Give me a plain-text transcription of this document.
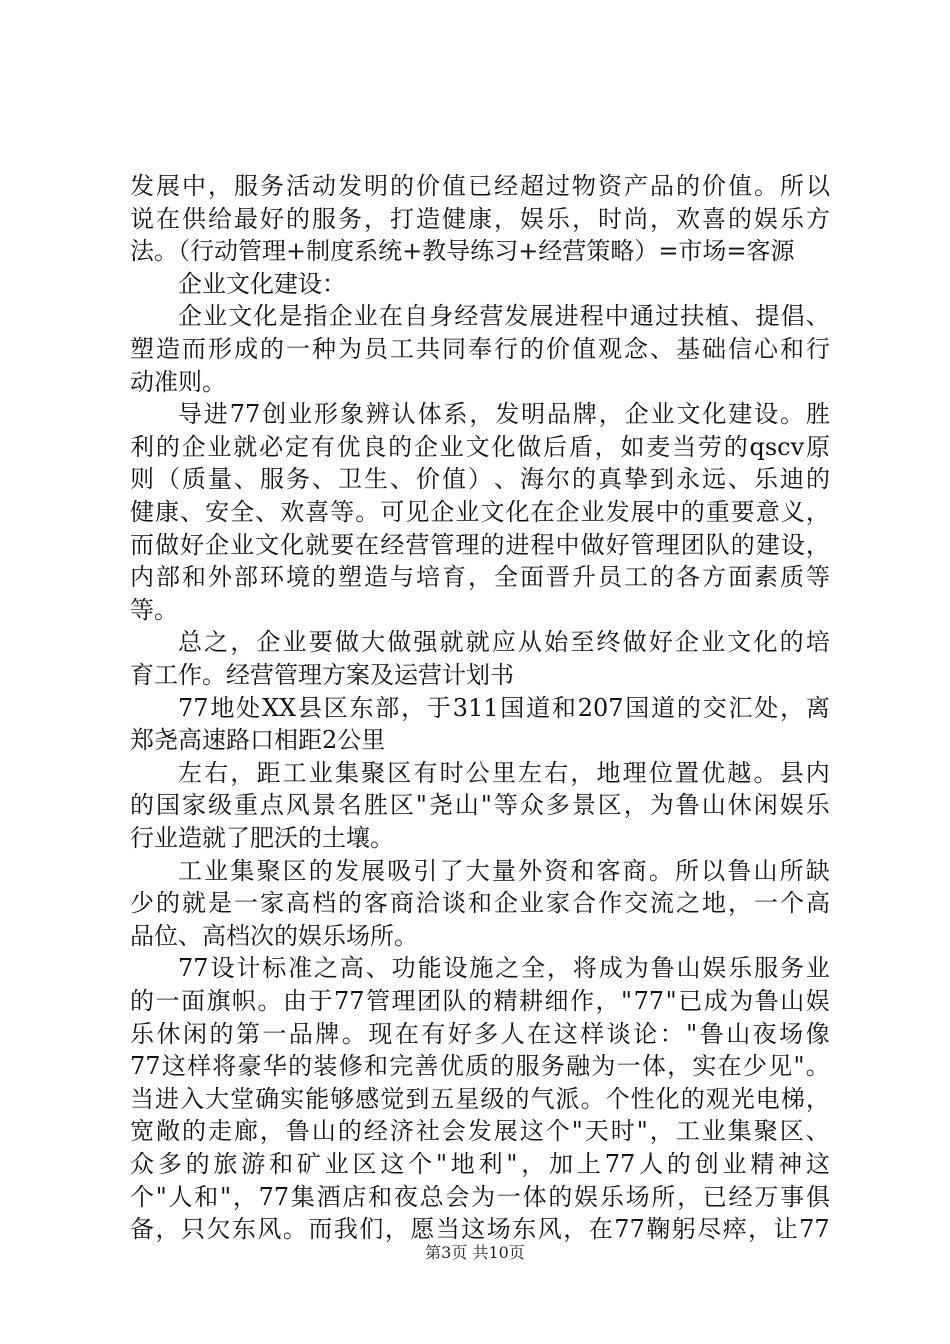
发 展 中 ， 服 务 活 动 发 明 的 价 值 已 经 超 过 物 资 产 品 的 价 值 。 所 以
说 在 供 给 最 好 的 服 务 ， 打 造 健 康 ， 娱 乐 ， 时 尚 ， 欢 喜 的 娱 乐 方
法。（行动管理+制度系统+教导练习+经营策略）=市场=客源
企业文化建设：
企 业 文 化 是 指 企 业 在 自 身 经 营 发 展 进 程 中 通 过 扶 植 、 提 倡 、
塑 造 而 形 成 的 一 种 为 员 工 共 同 奉 行 的 价 值 观 念 、 基 础 信 心 和 行
动准则。
导 进 77 创 业 形 象 辨 认 体 系 ， 发 明 品 牌 ， 企 业 文 化 建 设 。 胜
利 的 企 业 就 必 定 有 优 良 的 企 业 文 化 做 后 盾 ， 如 麦 当 劳 的 qscv 原
则 （ 质 量 、 服 务 、 卫 生 、 价 值 ） 、 海 尔 的 真 挚 到 永 远 、 乐 迪 的
健 康 、 安 全 、 欢 喜 等 。 可 见 企 业 文 化 在 企 业 发 展 中 的 重 要 意 义 ，
而 做 好 企 业 文 化 就 要 在 经 营 管 理 的 进 程 中 做 好 管 理 团 队 的 建 设 ，
内 部 和 外 部 环 境 的 塑 造 与 培 育 ， 全 面 晋 升 员 工 的 各 方 面 素 质 等
等。
总 之 ， 企 业 要 做 大 做 强 就 就 应 从 始 至 终 做 好 企 业 文 化 的 培
育工作。经营管理方案及运营计划书
77 地 处 XX 县 区 东 部 ， 于 311 国 道 和 207 国 道 的 交 汇 处 ， 离
郑尧高速路口相距2公里
左 右 ， 距 工 业 集 聚 区 有 时 公 里 左 右 ， 地 理 位 置 优 越 。 县 内
的 国 家 级 重 点 风 景 名 胜 区 " 尧 山 " 等 众 多 景 区 ， 为 鲁 山 休 闲 娱 乐
行业造就了肥沃的土壤。
工 业 集 聚 区 的 发 展 吸 引 了 大 量 外 资 和 客 商 。 所 以 鲁 山 所 缺
少 的 就 是 一 家 高 档 的 客 商 洽 谈 和 企 业 家 合 作 交 流 之 地 ， 一 个 高
品位、高档次的娱乐场所。
77 设 计 标 准 之 高 、 功 能 设 施 之 全 ， 将 成 为 鲁 山 娱 乐 服 务 业
的 一 面 旗 帜 。 由 于 77 管 理 团 队 的 精 耕 细 作 ， " 77 " 已 成 为 鲁 山 娱
乐 休 闲 的 第 一 品 牌 。 现 在 有 好 多 人 在 这 样 谈 论 ： " 鲁 山 夜 场 像
77 这 样 将 豪 华 的 装 修 和 完 善 优 质 的 服 务 融 为 一 体 ， 实 在 少 见 " 。
当 进 入 大 堂 确 实 能 够 感 觉 到 五 星 级 的 气 派 。 个 性 化 的 观 光 电 梯 ，
宽 敞 的 走 廊 ， 鲁 山 的 经 济 社 会 发 展 这 个 " 天 时 " ， 工 业 集 聚 区 、
众 多 的 旅 游 和 矿 业 区 这 个 " 地 利 " ， 加 上 77 人 的 创 业 精 神 这
个 " 人 和 " ， 77 集 酒 店 和 夜 总 会 为 一 体 的 娱 乐 场 所 ， 已 经 万 事 俱
备 ， 只 欠 东 风 。 而 我 们 ， 愿 当 这 场 东 风 ， 在 77 鞠 躬 尽 瘁 ， 让 77
第3页 共10页
